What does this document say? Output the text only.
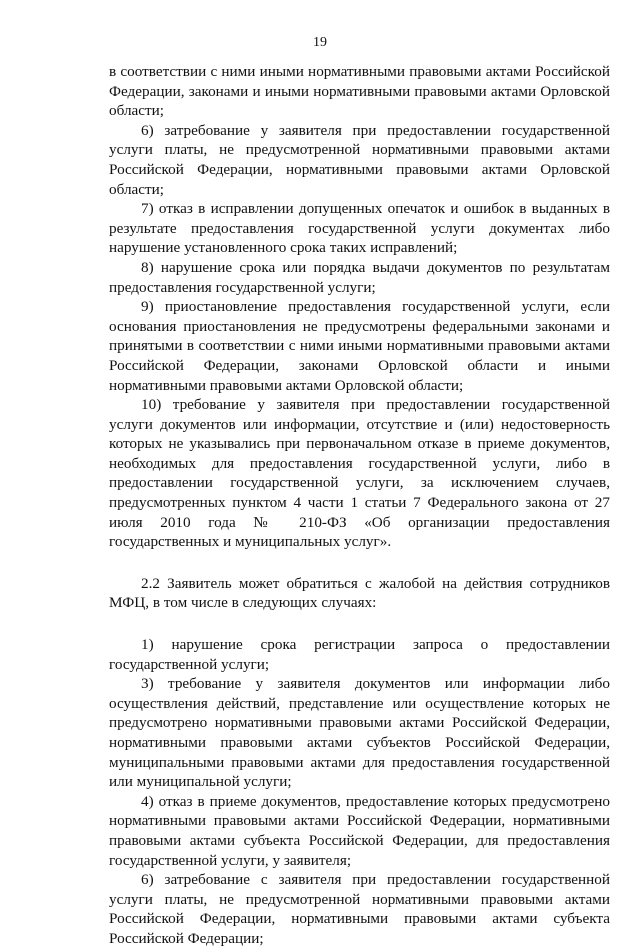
19

в соответствии с ними иными нормативными правовыми актами Российской Федерации, законами и иными нормативными правовыми актами Орловской области;

6) затребование у заявителя при предоставлении государственной услуги платы, не предусмотренной нормативными правовыми актами Российской Федерации, нормативными правовыми актами Орловской области;

7) отказ в исправлении допущенных опечаток и ошибок в выданных в результате предоставления государственной услуги документах либо нарушение установленного срока таких исправлений;

8) нарушение срока или порядка выдачи документов по результатам предоставления государственной услуги;

9) приостановление предоставления государственной услуги, если основания приостановления не предусмотрены федеральными законами и принятыми в соответствии с ними иными нормативными правовыми актами Российской Федерации, законами Орловской области и иными нормативными правовыми актами Орловской области;

10) требование у заявителя при предоставлении государственной услуги документов или информации, отсутствие и (или) недостоверность которых не указывались при первоначальном отказе в приеме документов, необходимых для предоставления государственной услуги, либо в предоставлении государственной услуги, за исключением случаев, предусмотренных пунктом 4 части 1 статьи 7 Федерального закона от 27 июля 2010 года № 210-ФЗ «Об организации предоставления государственных и муниципальных услуг».

2.2 Заявитель может обратиться с жалобой на действия сотрудников МФЦ, в том числе в следующих случаях:

1) нарушение срока регистрации запроса о предоставлении государственной услуги;

3) требование у заявителя документов или информации либо осуществления действий, представление или осуществление которых не предусмотрено нормативными правовыми актами Российской Федерации, нормативными правовыми актами субъектов Российской Федерации, муниципальными правовыми актами для предоставления государственной или муниципальной услуги;

4) отказ в приеме документов, предоставление которых предусмотрено нормативными правовыми актами Российской Федерации, нормативными правовыми актами субъекта Российской Федерации, для предоставления государственной услуги, у заявителя;

6) затребование с заявителя при предоставлении государственной услуги платы, не предусмотренной нормативными правовыми актами Российской Федерации, нормативными правовыми актами субъекта Российской Федерации;
